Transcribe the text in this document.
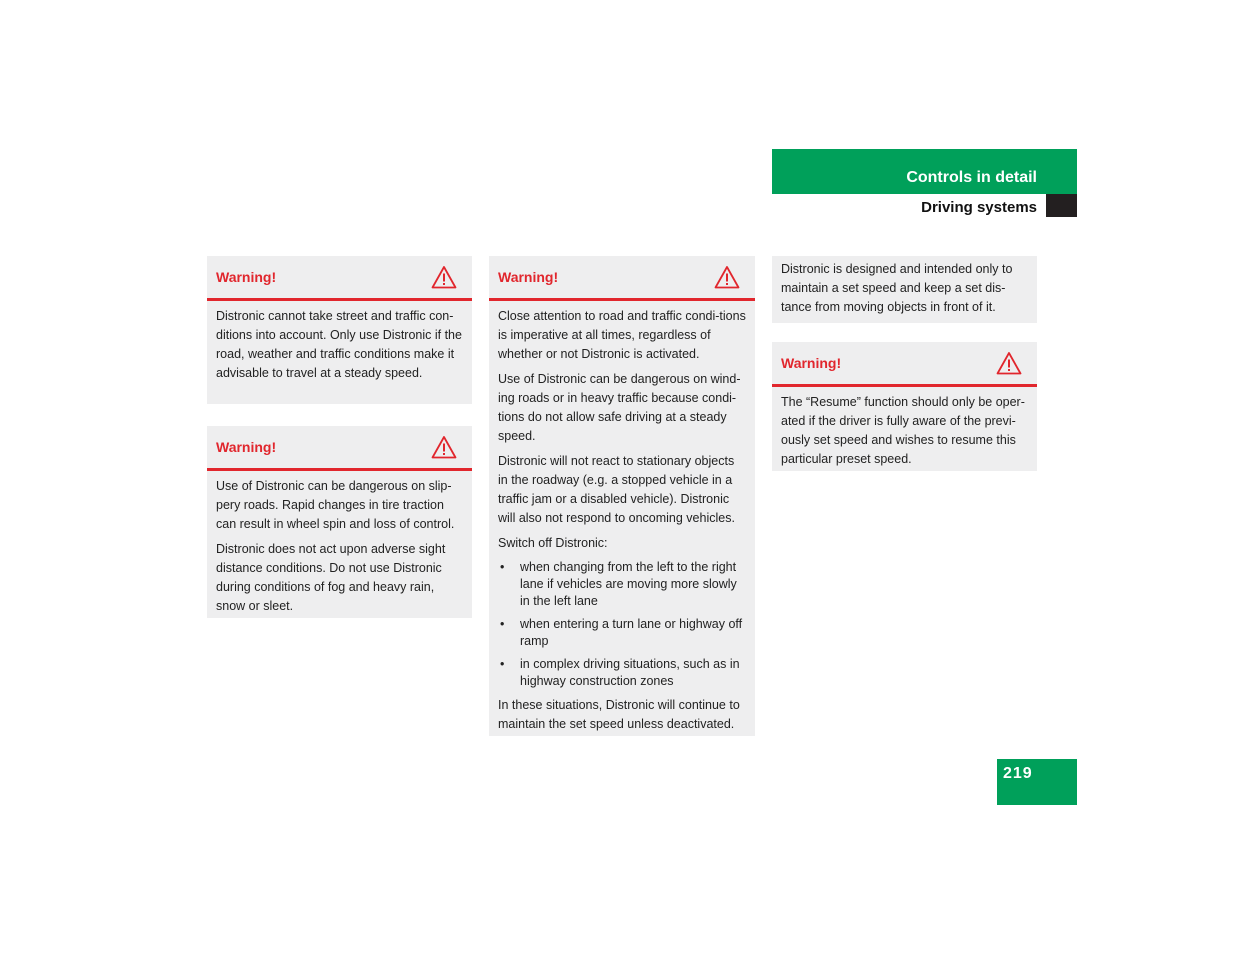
Controls in detail
Driving systems
Warning!

Distronic cannot take street and traffic con-ditions into account. Only use Distronic if the road, weather and traffic conditions make it advisable to travel at a steady speed.

Warning!

Use of Distronic can be dangerous on slip-pery roads. Rapid changes in tire traction can result in wheel spin and loss of control.

Distronic does not act upon adverse sight distance conditions. Do not use Distronic during conditions of fog and heavy rain, snow or sleet.

Warning!

Close attention to road and traffic condi-tions is imperative at all times, regardless of whether or not Distronic is activated.

Use of Distronic can be dangerous on wind-ing roads or in heavy traffic because condi-tions do not allow safe driving at a steady speed.

Distronic will not react to stationary objects in the roadway (e.g. a stopped vehicle in a traffic jam or a disabled vehicle). Distronic will also not respond to oncoming vehicles.

Switch off Distronic:

• when changing from the left to the right lane if vehicles are moving more slowly in the left lane
• when entering a turn lane or highway off ramp
• in complex driving situations, such as in highway construction zones

In these situations, Distronic will continue to maintain the set speed unless deactivated.

Distronic is designed and intended only to maintain a set speed and keep a set dis-tance from moving objects in front of it.

Warning!

The “Resume” function should only be oper-ated if the driver is fully aware of the previ-ously set speed and wishes to resume this particular preset speed.

219
